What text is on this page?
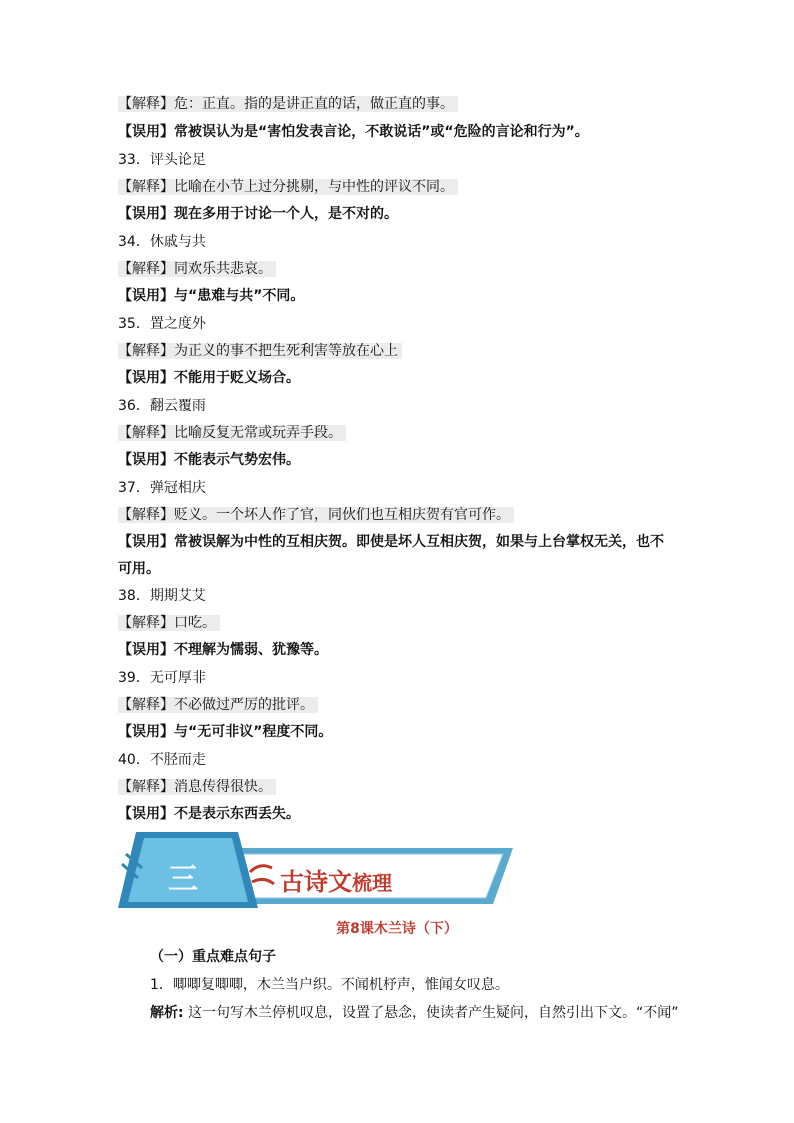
【解释】危：正直。指的是讲正直的话，做正直的事。
【误用】常被误认为是“害怕发表言论，不敢说话”或“危险的言论和行为”。
33．评头论足
【解释】比喻在小节上过分挑剔，与中性的评议不同。
【误用】现在多用于讨论一个人，是不对的。
34．休戚与共
【解释】同欢乐共悲哀。
【误用】与“患难与共”不同。
35．置之度外
【解释】为正义的事不把生死利害等放在心上
【误用】不能用于贬义场合。
36．翻云覆雨
【解释】比喻反复无常或玩弄手段。
【误用】不能表示气势宏伟。
37．弹冠相庆
【解释】贬义。一个坏人作了官，同伙们也互相庆贺有官可作。
【误用】常被误解为中性的互相庆贺。即使是坏人互相庆贺，如果与上台掌权无关，也不
可用。
38．期期艾艾
【解释】口吃。
【误用】不理解为懦弱、犹豫等。
39．无可厚非
【解释】不必做过严厉的批评。
【误用】与“无可非议”程度不同。
40．不胫而走
【解释】消息传得很快。
【误用】不是表示东西丢失。
三	古诗文梳理
第8课木兰诗（下）
（一）重点难点句子
1．唧唧复唧唧，木兰当户织。不闻机杼声，惟闻女叹息。
解析: 这一句写木兰停机叹息，设置了悬念，使读者产生疑问，自然引出下文。“不闻”
